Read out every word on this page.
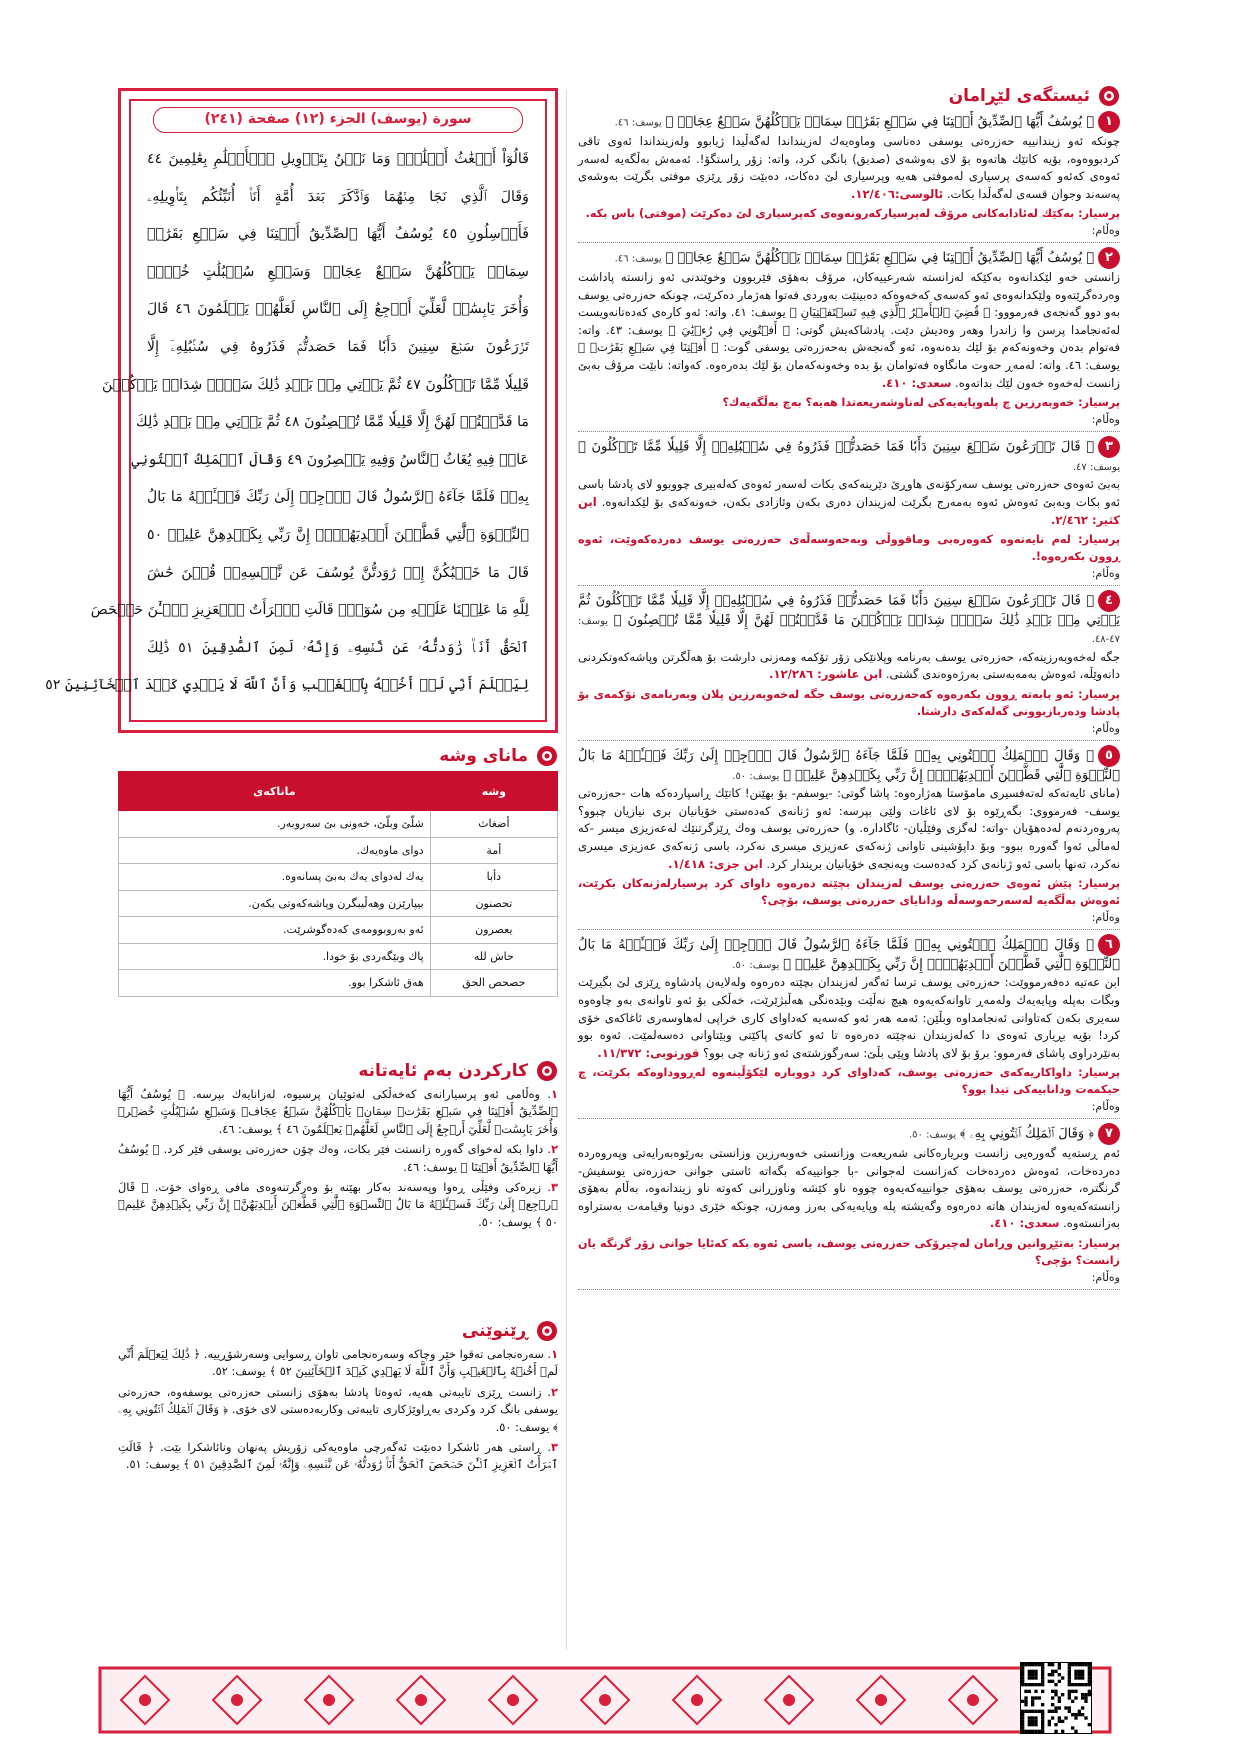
ئیستگەی لێڕامان
١﴿ يُوسُفُ أَيُّهَا ٱلصِّدِّيقُ أَفۡتِنَا فِي سَبۡعِ بَقَرَٰتٖ سِمَانٖ يَأۡكُلُهُنَّ سَبۡعٌ عِجَافٞ ﴾ یوسف: ٤٦.
چونکە ئەو زیندانییە حەزرەتی یوسفی دەناسی وماوەیەك لەزینداندا لەگەڵیدا ژیابوو ولەزینداندا ئەوی تاقی کردبووەوە، بۆیە کاتێك هاتەوە بۆ لای بەوشەی (صدیق) بانگی کرد، واتە: زۆر ڕاستگۆ!. ئەمەش بەڵگەیە لەسەر ئەوەی کەئەو کەسەی پرسیاری لەموفتی هەیە وپرسیاری لێ دەکات، دەبێت زۆر ڕێزی موفتی بگرێت بەوشەی پەسەند وجوان قسەی لەگەڵدا بکات. ئالوسی:١٢/٤٠٦.
پرسیار: بەکێك لەئادابەکانی مرۆڤ لەپرسیارکەرونەوەی کەپرسیاری لێ دەکرێت (موفتی) باس بکە.
وەڵام:
٢﴿ يُوسُفُ أَيُّهَا ٱلصِّدِّيقُ أَفۡتِنَا فِي سَبۡعِ بَقَرَٰتٖ سِمَانٖ يَأۡكُلُهُنَّ سَبۡعٌ عِجَافٞ ﴾ یوسف: ٤٦.
زانستی خەو لێکدانەوە بەکێکە لەزانستە شەرعییەکان، مرۆڤ بەهۆی فێربوون وخوێندنی ئەو زانستە پاداشت وەردەگرێتەوە ولێکدانەوەی ئەو کەسەی کەخەوەکە دەبینێت بەوردی فەتوا هەژمار دەکرێت، چونکە حەزرەتی یوسف بەو دوو گەنجەی فەرمووو: ﴿ قُضِيَ ٱلۡأَمۡرُ ٱلَّذِي فِيهِ تَسۡتَفۡتِيَانِ ﴾ یوسف: ٤١. واتە: ئەو کارەی کەدەتانەویست لەئەنجامدا پرسن وا زاندرا وهەر وەدیش دێت. پادشاکەیش گوتی: ﴿ أَفۡتُونِي فِي رُءۡيَٰيَ ﴾ یوسف: ٤٣. واتە: فەتوام بدەن وخەونەکەم بۆ لێك بدەنەوە، ئەو گەنجەش بەحەزرەتی یوسفی گوت: ﴿ أَفۡتِنَا فِي سَبۡعِ بَقَرَٰتٖ ﴾ یوسف: ٤٦. واتە: لەمەڕ حەوت مانگاوە فەتوامان بۆ بدە وخەونەکەمان بۆ لێك بدەرەوە. کەواتە: نابێت مرۆڤ بەبێ زانست لەخەوە خەون لێك بداتەوە. سعدی: ٤١٠.
پرسیار: خەوبەرزین چ پلەوپایەیەکی لەناوشەریعەتدا هەیە؟ بەچ بەڵگەیەك؟
وەڵام:
٣﴿ قَالَ تَزۡرَعُونَ سَبۡعَ سِنِينَ دَأَبٗا فَمَا حَصَدتُّمۡ فَذَرُوهُ فِي سُنۢبُلِهِۦٓ إِلَّا قَلِيلٗا مِّمَّا تَأۡكُلُونَ ﴾ یوسف: ٤٧.
بەبێ ئەوەی حەزرەتی یوسف سەرکۆنەی هاوڕێ دێرینەکەی بکات لەسەر ئەوەی کەلەبیری چووبوو لای پادشا باسی ئەو بکات وبەبێ ئەوەش ئەوە بەمەرج بگرێت لەزیندان دەری بکەن وئازادی بکەن، خەونەکەی بۆ لێکدانەوە. ابن کثیر: ٢/٤٦٢.
پرسیار: لەم نایەتەوە کەوەرەبی وماقووڵی وبەحەوسەڵەی حەزرەتی یوسف دەردەکەوێت، ئەوە ڕوون بکەرەوە!.
وەڵام:
٤﴿ قَالَ تَزۡرَعُونَ سَبۡعَ سِنِينَ دَأَبٗا فَمَا حَصَدتُّمۡ فَذَرُوهُ فِي سُنۢبُلِهِۦٓ إِلَّا قَلِيلٗا مِّمَّا تَأۡكُلُونَ ثُمَّ يَأۡتِي مِنۢ بَعۡدِ ذَٰلِكَ سَبۡعٞ شِدَادٞ يَأۡكُلۡنَ مَا قَدَّمۡتُمۡ لَهُنَّ إِلَّا قَلِيلٗا مِّمَّا تُحۡصِنُونَ ﴾ یوسف: ٤٧-٤٨.
جگە لەخەوبەرزینەکە، حەزرەتی یوسف بەرنامە وپلانێکی زۆر تۆکمە ومەزنی دارشت بۆ هەڵگرتن وپاشەکەوتکردنی دانەوێڵە، ئەوەش بەمەبەستی بەرژەوەندی گشتی. ابن عاشور: ١٢/٢٨٦.
پرسیار: ئەو بابەتە ڕوون بکەرەوە کەحەزرەتی یوسف جگە لەخەوبەرزین پلان وبەرنامەی تۆکمەی بۆ پادشا ودەربازبوونی گەلەکەی دارشتا.
وەڵام:
٥﴿ وَقَالَ ٱلۡمَلِكُ ٱئۡتُونِي بِهِۦۖ فَلَمَّا جَآءَهُ ٱلرَّسُولُ قَالَ ٱرۡجِعۡ إِلَىٰ رَبِّكَ فَسۡـَٔلۡهُ مَا بَالُ ٱلنِّسۡوَةِ ٱلَّٰتِي قَطَّعۡنَ أَيۡدِيَهُنَّۚ إِنَّ رَبِّي بِكَيۡدِهِنَّ عَلِيمٞ ﴾ یوسف: ٥٠.
(مانای ئایەتەکە لەتەفسیری مامۆستا هەژارەوە: پاشا گوتی: -یوسفم- بۆ بهێنن! کاتێك ڕاسپاردەکە هات -حەزرەتی یوسف- فەرمووی: بگەڕێوە بۆ لای ئاغات ولێی بپرسە: ئەو ژنانەی کەدەستی خۆیانیان بری نیازیان چبوو؟ پەروەردنەم لەدەهۆیان -واتە: لەگزی وفێڵیان- ئاگادارە. و) حەزرەتی یوسف وەك ڕێزگرتنێك لەعەزیزی میسر -کە لەماڵی ئەوا گەورە ببوو- وبۆ داپۆشینی تاوانی ژنەکەی عەزیزی میسری نەکرد، باسی ژنەکەی عەزیزی میسری نەکرد، تەنها باسی ئەو ژنانەی کرد کەدەست وپەنجەی خۆیانیان بریندار کرد. ابن جزی: ١/٤١٨.
پرسیار: پێش ئەوەی حەزرەتی یوسف لەزیندان بچێتە دەرەوە داوای کرد پرسیارلەژنەکان بکرێت، ئەوەش بەڵگەیە لەسەرحەوسەڵە ودانایای حەزرەتی یوسف، بۆچی؟
وەڵام:
٦﴿ وَقَالَ ٱلۡمَلِكُ ٱئۡتُونِي بِهِۦۖ فَلَمَّا جَآءَهُ ٱلرَّسُولُ قَالَ ٱرۡجِعۡ إِلَىٰ رَبِّكَ فَسۡـَٔلۡهُ مَا بَالُ ٱلنِّسۡوَةِ ٱلَّٰتِي قَطَّعۡنَ أَيۡدِيَهُنَّۚ إِنَّ رَبِّي بِكَيۡدِهِنَّ عَلِيمٞ ﴾ یوسف: ٥٠.
ابن عەتیە دەفەرمووێت: حەزرەتی یوسف ترسا ئەگەر لەزیندان بچێتە دەرەوە ولەلایەن پادشاوە ڕێزی لێ بگیرێت وبگات بەپلە وپایەیەك ولەمەڕ تاوانەکەیەوە هیچ نەڵێت وبێدەنگی هەڵبژێرێت، خەڵکی بۆ ئەو تاوانەی بەو چاوەوە سەیری بکەن کەتاوانی ئەنجامداوە وبڵێن: ئەمە هەر ئەو کەسەیە کەداوای کاری خراپی لەهاوسەری ئاغاکەی خۆی کرد! بۆیە بڕیاری ئەوەی دا کەلەزیندان نەچێتە دەرەوە تا ئەو کاتەی پاکێتی وبێتاوانی دەسەلمێت. ئەوە بوو بەنێردراوی پاشای فەرموو: برۆ بۆ لای پادشا وپێی بڵێ: سەرگوزشتەی ئەو ژنانە چی بوو؟ قورتوبی: ١١/٣٧٢.
پرسیار: داواکاریەکەی حەزرەتی یوسف، کەداوای کرد دووبارە لێکۆڵینەوە لەڕووداوەکە بکرێت، چ حیکمەت ودانابیەکی تیدا بوو؟
وەڵام:
٧﴿ وَقَالَ ٱلۡمَلِكُ ٱئۡتُونِي بِهِۦ ﴾ یوسف: ٥٠.
ئەم ڕستەیە گەورەیی زانست وبریارەکانی شەریعەت وزانستی خەوبەرزین وزانستی بەرێوەبەرایەتی وپەروەردە دەردەخات، ئەوەش دەردەخات کەزانست لەجوانی -با جوانییەکە بگەاتە ئاستی جوانی حەزرەتی یوسفیش- گرنگترە، حەزرەتی یوسف بەهۆی جوانییەکەیەوە چووە ناو کێشە وناوزڕانی کەوتە ناو زیندانەوە، بەڵام بەهۆی زانستەکەیەوە لەزیندان هاتە دەرەوە وگەیشتە پلە وپایەیەکی بەرز ومەزن، چونکە خێری دونیا وقیامەت بەستراوە بەزانستەوە. سعدی: ٤١٠.
پرسیار: بەتێڕوانین وڕامان لەچیرۆکی حەزرەتی یوسف، باسی ئەوە بکە کەئایا جوانی زۆر گرنگە یان زانست؟ بۆچی؟
وەڵام:
سورة (يوسف) الجزء (١٢) صفحة (٢٤١)
قَالُوٓاْ أَضۡغَٰثُ أَحۡلَٰمٖۖ وَمَا نَحۡنُ بِتَأۡوِيلِ ٱلۡأَحۡلَٰمِ بِعَٰلِمِينَ ٤٤
وَقَالَ ٱلَّذِي نَجَا مِنۡهُمَا وَٱدَّكَرَ بَعۡدَ أُمَّةٍ أَنَا۠ أُنَبِّئُكُم بِتَأۡوِيلِهِۦ
فَأَرۡسِلُونِ ٤٥ يُوسُفُ أَيُّهَا ٱلصِّدِّيقُ أَفۡتِنَا فِي سَبۡعِ بَقَرَٰتٖ
سِمَانٖ يَأۡكُلُهُنَّ سَبۡعٌ عِجَافٞ وَسَبۡعِ سُنۢبُلَٰتٍ خُضۡرٖ
وَأُخَرَ يَابِسَٰتٖ لَّعَلِّيٓ أَرۡجِعُ إِلَى ٱلنَّاسِ لَعَلَّهُمۡ يَعۡلَمُونَ ٤٦ قَالَ
تَزۡرَعُونَ سَبۡعَ سِنِينَ دَأَبٗا فَمَا حَصَدتُّمۡ فَذَرُوهُ فِي سُنۢبُلِهِۦٓ إِلَّا
قَلِيلٗا مِّمَّا تَأۡكُلُونَ ٤٧ ثُمَّ يَأۡتِي مِنۢ بَعۡدِ ذَٰلِكَ سَبۡعٞ شِدَادٞ يَأۡكُلۡنَ
مَا قَدَّمۡتُمۡ لَهُنَّ إِلَّا قَلِيلٗا مِّمَّا تُحۡصِنُونَ ٤٨ ثُمَّ يَأۡتِي مِنۢ بَعۡدِ ذَٰلِكَ
عَامٞ فِيهِ يُغَاثُ ٱلنَّاسُ وَفِيهِ يَعۡصِرُونَ ٤٩ وَقَالَ ٱلۡمَلِكُ ٱئۡتُونِي
بِهِۦۖ فَلَمَّا جَآءَهُ ٱلرَّسُولُ قَالَ ٱرۡجِعۡ إِلَىٰ رَبِّكَ فَسۡـَٔلۡهُ مَا بَالُ
ٱلنِّسۡوَةِ ٱلَّٰتِي قَطَّعۡنَ أَيۡدِيَهُنَّۚ إِنَّ رَبِّي بِكَيۡدِهِنَّ عَلِيمٞ ٥٠
قَالَ مَا خَطۡبُكُنَّ إِذۡ رَٰوَدتُّنَّ يُوسُفَ عَن نَّفۡسِهِۦۚ قُلۡنَ حَٰشَ
لِلَّهِ مَا عَلِمۡنَا عَلَيۡهِ مِن سُوٓءٖۚ قَالَتِ ٱمۡرَأَتُ ٱلۡعَزِيزِ ٱلۡـَٰٔنَ حَصۡحَصَ
ٱلۡحَقُّ أَنَا۠ رَٰوَدتُّهُۥ عَن نَّفۡسِهِۦ وَإِنَّهُۥ لَمِنَ ٱلصَّٰدِقِينَ ٥١ ذَٰلِكَ
لِيَعۡلَمَ أَنِّي لَمۡ أَخُنۡهُ بِٱلۡغَيۡبِ وَأَنَّ ٱللَّهَ لَا يَهۡدِي كَيۡدَ ٱلۡخَآئِنِينَ ٥٢
مانای وشە
وشە	ماناکەی
أضغاث	شلّێ وبلّێ، خەونی بێ سەروبەر.
أمة	دوای ماوەیەك.
دأبا	یەك لەدوای یەك بەبێ پسانەوە.
تحصنون	بیپارێزن وهەڵیبگرن وپاشەکەوتی بکەن.
یعصرون	ئەو بەروبوومەی کەدەگوشرێت.
حاش لله	پاك وبێگەردی بۆ خودا.
حصحص الحق	هەق ئاشکرا بوو.
کارکردن بەم ئایەتانە
١. وەڵامی ئەو پرسیارانەی کەخەڵکی لەتوێیان پرسیوە، لەزانایەك بپرسە. ﴿ يُوسُفُ أَيُّهَا ٱلصِّدِّيقُ أَفۡتِنَا فِي سَبۡعِ بَقَرَٰتٖ سِمَانٖ يَأۡكُلُهُنَّ سَبۡعٌ عِجَافٞ وَسَبۡعِ سُنۢبُلَٰتٍ خُضۡرٖ وَأُخَرَ يَابِسَٰتٖ لَّعَلِّيٓ أَرۡجِعُ إِلَى ٱلنَّاسِ لَعَلَّهُمۡ يَعۡلَمُونَ ٤٦ ﴾ یوسف: ٤٦.
٢. داوا بکە لەخوای گەورە زانستت فێر بکات، وەك چۆن حەزرەتی یوسفی فێر کرد. ﴿ يُوسُفُ أَيُّهَا ٱلصِّدِّيقُ أَفۡتِنَا ﴾ یوسف: ٤٦.
٣. زیرەکی وفێڵی ڕەوا وپەسەند بەکار بهێنە بۆ وەرگرتنەوەی مافی ڕەوای خۆت. ﴿ قَالَ ٱرۡجِعۡ إِلَىٰ رَبِّكَ فَسۡـَٔلۡهُ مَا بَالُ ٱلنِّسۡوَةِ ٱلَّٰتِي قَطَّعۡنَ أَيۡدِيَهُنَّۚ إِنَّ رَبِّي بِكَيۡدِهِنَّ عَلِيمٞ ٥٠ ﴾ یوسف: ٥٠.
ڕێنوێنی
١. سەرەنجامی تەقوا خێر وچاکە وسەرەنجامی تاوان ڕسوایی وسەرشۆڕییە. ﴿ ذَٰلِكَ لِيَعۡلَمَ أَنِّي لَمۡ أَخُنۡهُ بِٱلۡغَيۡبِ وَأَنَّ ٱللَّهَ لَا يَهۡدِي كَيۡدَ ٱلۡخَآئِنِينَ ٥٢ ﴾ یوسف: ٥٢.
٢. زانست ڕێزی تایبەتی هەیە، ئەوەتا پادشا بەهۆی زانستی حەزرەتی یوسفەوە، حەزرەتی یوسفی بانگ کرد وکردی بەڕاوێژکاری تایبەتی وکاربەدەستی لای خۆی. ﴿ وَقَالَ ٱلۡمَلِكُ ٱئۡتُونِي بِهِۦ ﴾ یوسف: ٥٠.
٣. ڕاستی هەر ئاشکرا دەبێت ئەگەرچی ماوەیەکی زۆریش پەنهان ونائاشکرا بێت. ﴿ قَالَتِ ٱمۡرَأَتُ ٱلۡعَزِيزِ ٱلۡـَٰٔنَ حَصۡحَصَ ٱلۡحَقُّ أَنَا۠ رَٰوَدتُّهُۥ عَن نَّفۡسِهِۦ وَإِنَّهُۥ لَمِنَ ٱلصَّٰدِقِينَ ٥١ ﴾ یوسف: ٥١.
